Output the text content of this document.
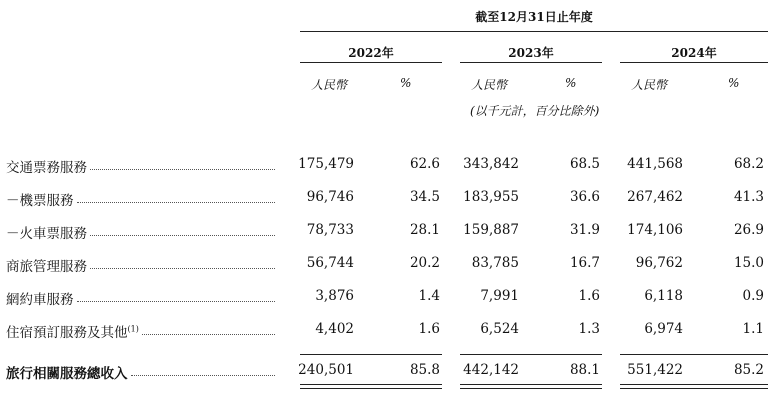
截至12月31日止年度
2022年	2023年	2024年
人民幣	%	人民幣	%	人民幣	%
(以千元計，百分比除外)
交通票務服務	175,479	62.6 343,842	68.5 441,568	68.2
－機票服務	96,746	34.5 183,955	36.6 267,462	41.3
－火車票服務	78,733	28.1 159,887	31.9 174,106	26.9
商旅管理服務	56,744	20.2 83,785	16.7	96,762	15.0
網約車服務	3,876	1.4	7,991	1.6	6,118	0.9
住宿預訂服務及其他$^{(1)}$	4,402	1.6	6,524	1.3	6,974	1.1
旅行相關服務總收入	240,501	85.8 442,142	88.1 551,422	85.2
